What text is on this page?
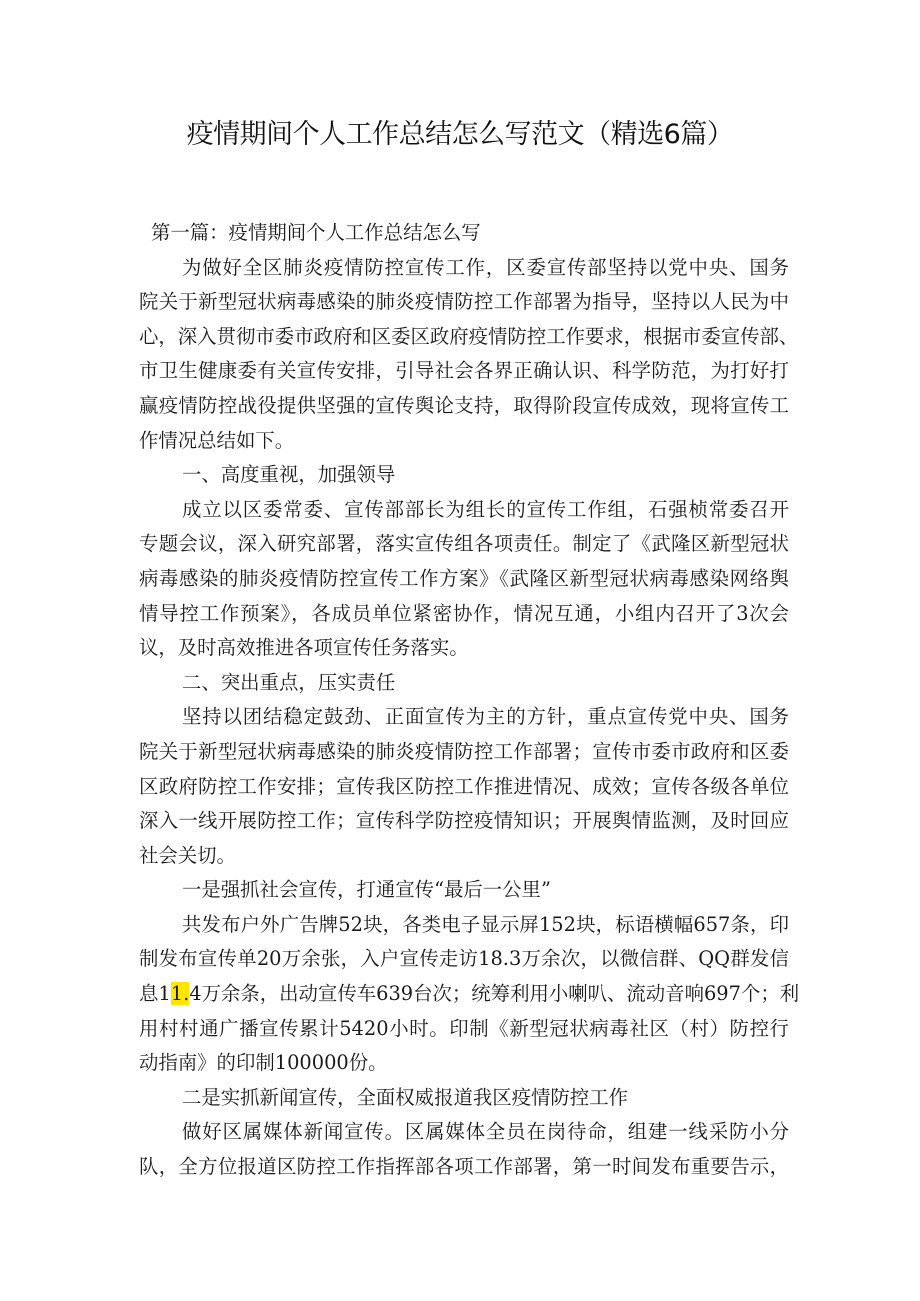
疫情期间个人工作总结怎么写范文（精选6篇）
第一篇：疫情期间个人工作总结怎么写
为做好全区肺炎疫情防控宣传工作，区委宣传部坚持以党中央、国务
院关于新型冠状病毒感染的肺炎疫情防控工作部署为指导，坚持以人民为中
心，深入贯彻市委市政府和区委区政府疫情防控工作要求，根据市委宣传部、
市卫生健康委有关宣传安排，引导社会各界正确认识、科学防范，为打好打
赢疫情防控战役提供坚强的宣传舆论支持，取得阶段宣传成效，现将宣传工
作情况总结如下。
一、高度重视，加强领导
成立以区委常委、宣传部部长为组长的宣传工作组，石强桢常委召开
专题会议，深入研究部署，落实宣传组各项责任。制定了《武隆区新型冠状
病毒感染的肺炎疫情防控宣传工作方案》《武隆区新型冠状病毒感染网络舆
情导控工作预案》，各成员单位紧密协作，情况互通，小组内召开了3次会
议，及时高效推进各项宣传任务落实。
二、突出重点，压实责任
坚持以团结稳定鼓劲、正面宣传为主的方针，重点宣传党中央、国务
院关于新型冠状病毒感染的肺炎疫情防控工作部署；宣传市委市政府和区委
区政府防控工作安排；宣传我区防控工作推进情况、成效；宣传各级各单位
深入一线开展防控工作；宣传科学防控疫情知识；开展舆情监测，及时回应
社会关切。
一是强抓社会宣传，打通宣传“最后一公里”
共发布户外广告牌52块，各类电子显示屏152块，标语横幅657条，印
制发布宣传单20万余张，入户宣传走访18.3万余次，以微信群、QQ群发信
息11.4万余条，出动宣传车639台次；统筹利用小喇叭、流动音响697个；利
用村村通广播宣传累计5420小时。印制《新型冠状病毒社区（村）防控行
动指南》的印制100000份。
二是实抓新闻宣传，全面权威报道我区疫情防控工作
做好区属媒体新闻宣传。区属媒体全员在岗待命，组建一线采防小分
队，全方位报道区防控工作指挥部各项工作部署，第一时间发布重要告示，
